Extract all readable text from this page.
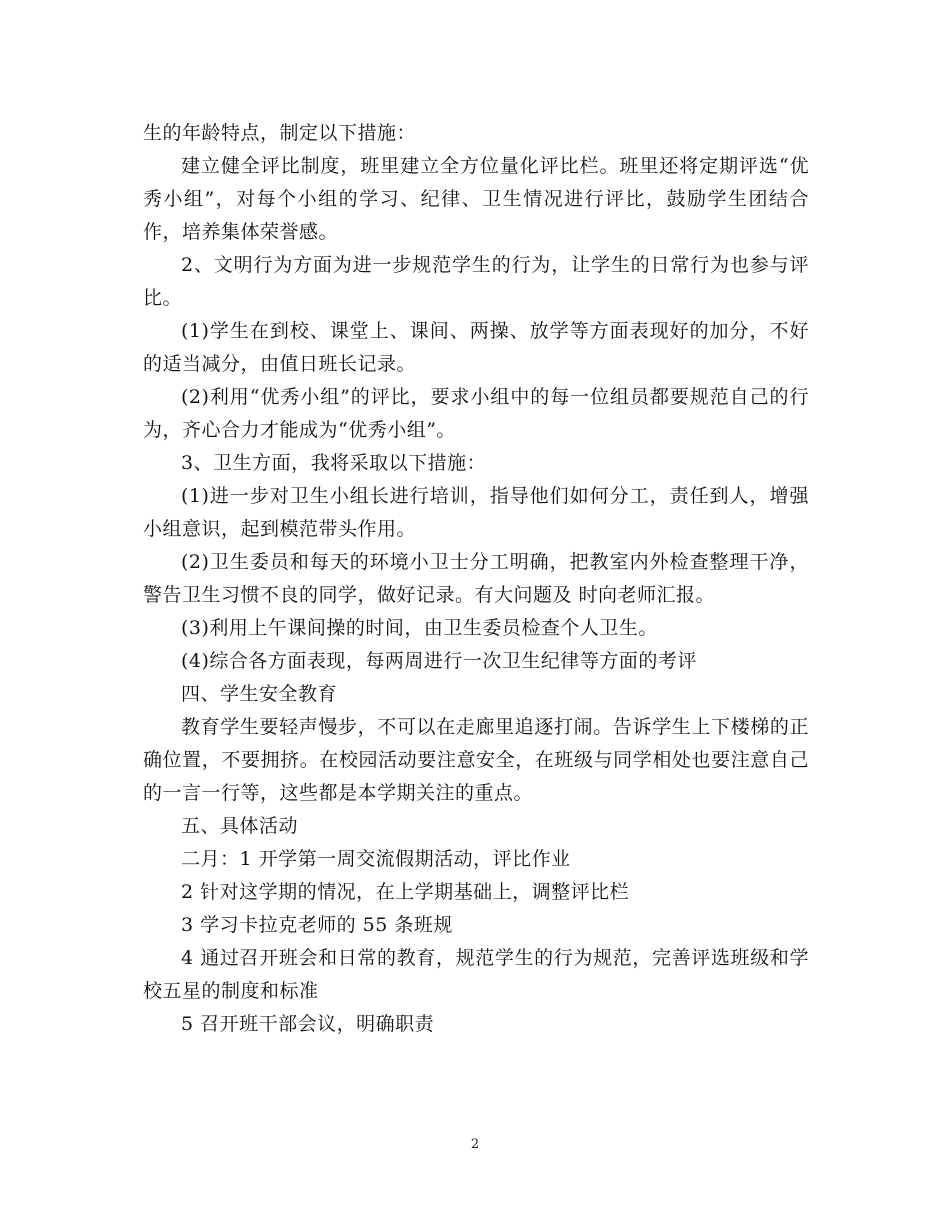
生的年龄特点，制定以下措施：

建立健全评比制度，班里建立全方位量化评比栏。班里还将定期评选“优秀小组”，对每个小组的学习、纪律、卫生情况进行评比，鼓励学生团结合作，培养集体荣誉感。

2、文明行为方面为进一步规范学生的行为，让学生的日常行为也参与评比。

(1)学生在到校、课堂上、课间、两操、放学等方面表现好的加分，不好的适当减分，由值日班长记录。

(2)利用“优秀小组”的评比，要求小组中的每一位组员都要规范自己的行为，齐心合力才能成为“优秀小组”。

3、卫生方面，我将采取以下措施：

(1)进一步对卫生小组长进行培训，指导他们如何分工，责任到人，增强小组意识，起到模范带头作用。

(2)卫生委员和每天的环境小卫士分工明确，把教室内外检查整理干净，警告卫生习惯不良的同学，做好记录。有大问题及 时向老师汇报。

(3)利用上午课间操的时间，由卫生委员检查个人卫生。

(4)综合各方面表现，每两周进行一次卫生纪律等方面的考评

四、学生安全教育

教育学生要轻声慢步，不可以在走廊里追逐打闹。告诉学生上下楼梯的正确位置，不要拥挤。在校园活动要注意安全，在班级与同学相处也要注意自己的一言一行等，这些都是本学期关注的重点。

五、具体活动

二月：1 开学第一周交流假期活动，评比作业

2 针对这学期的情况，在上学期基础上，调整评比栏

3 学习卡拉克老师的 55 条班规

4 通过召开班会和日常的教育，规范学生的行为规范，完善评选班级和学校五星的制度和标准

5 召开班干部会议，明确职责

2
